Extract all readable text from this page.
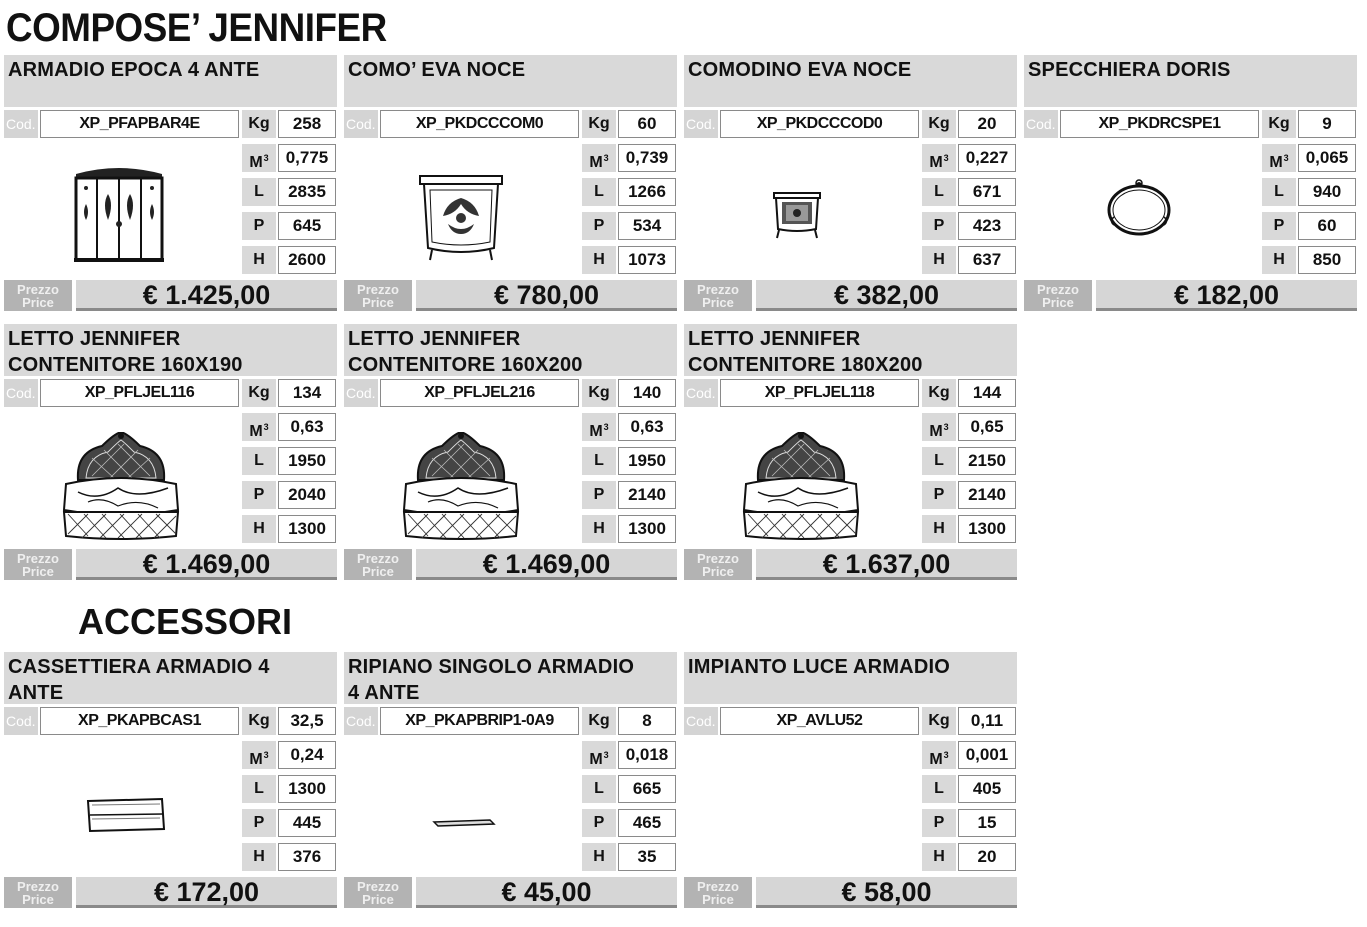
COMPOSE’ JENNIFER
ACCESSORI
ARMADIO EPOCA 4 ANTE
Cod.	XP_PFAPBAR4E	Kg	258
$M^3$	0,775
L	2835
P	645
H	2600
Prezzo
Price	€ 1.425,00
COMO’ EVA NOCE
Cod.	XP_PKDCCCOM0	Kg	60
$M^3$	0,739
L	1266
P	534
H	1073
Prezzo
Price	€ 780,00
COMODINO EVA NOCE
Cod.	XP_PKDCCCOD0	Kg	20
$M^3$	0,227
L	671
P	423
H	637
Prezzo
Price	€ 382,00
SPECCHIERA DORIS
Cod.	XP_PKDRCSPE1	Kg	9
$M^3$	0,065
L	940
P	60
H	850
Prezzo
Price	€ 182,00
LETTO JENNIFER
CONTENITORE 160X190
Cod.	XP_PFLJEL116	Kg	134
$M^3$	0,63
L	1950
P	2040
H	1300
Prezzo
Price	€ 1.469,00
LETTO JENNIFER
CONTENITORE 160X200
Cod.	XP_PFLJEL216	Kg	140
$M^3$	0,63
L	1950
P	2140
H	1300
Prezzo
Price	€ 1.469,00
LETTO JENNIFER
CONTENITORE 180X200
Cod.	XP_PFLJEL118	Kg	144
$M^3$	0,65
L	2150
P	2140
H	1300
Prezzo
Price	€ 1.637,00
CASSETTIERA ARMADIO 4
ANTE
Cod.	XP_PKAPBCAS1	Kg	32,5
$M^3$	0,24
L	1300
P	445
H	376
Prezzo
Price	€ 172,00
RIPIANO SINGOLO ARMADIO
4 ANTE
Cod.	XP_PKAPBRIP1-0A9	Kg	8
$M^3$	0,018
L	665
P	465
H	35
Prezzo
Price	€ 45,00
IMPIANTO LUCE ARMADIO
Cod.	XP_AVLU52	Kg	0,11
$M^3$	0,001
L	405
P	15
H	20
Prezzo
Price	€ 58,00
